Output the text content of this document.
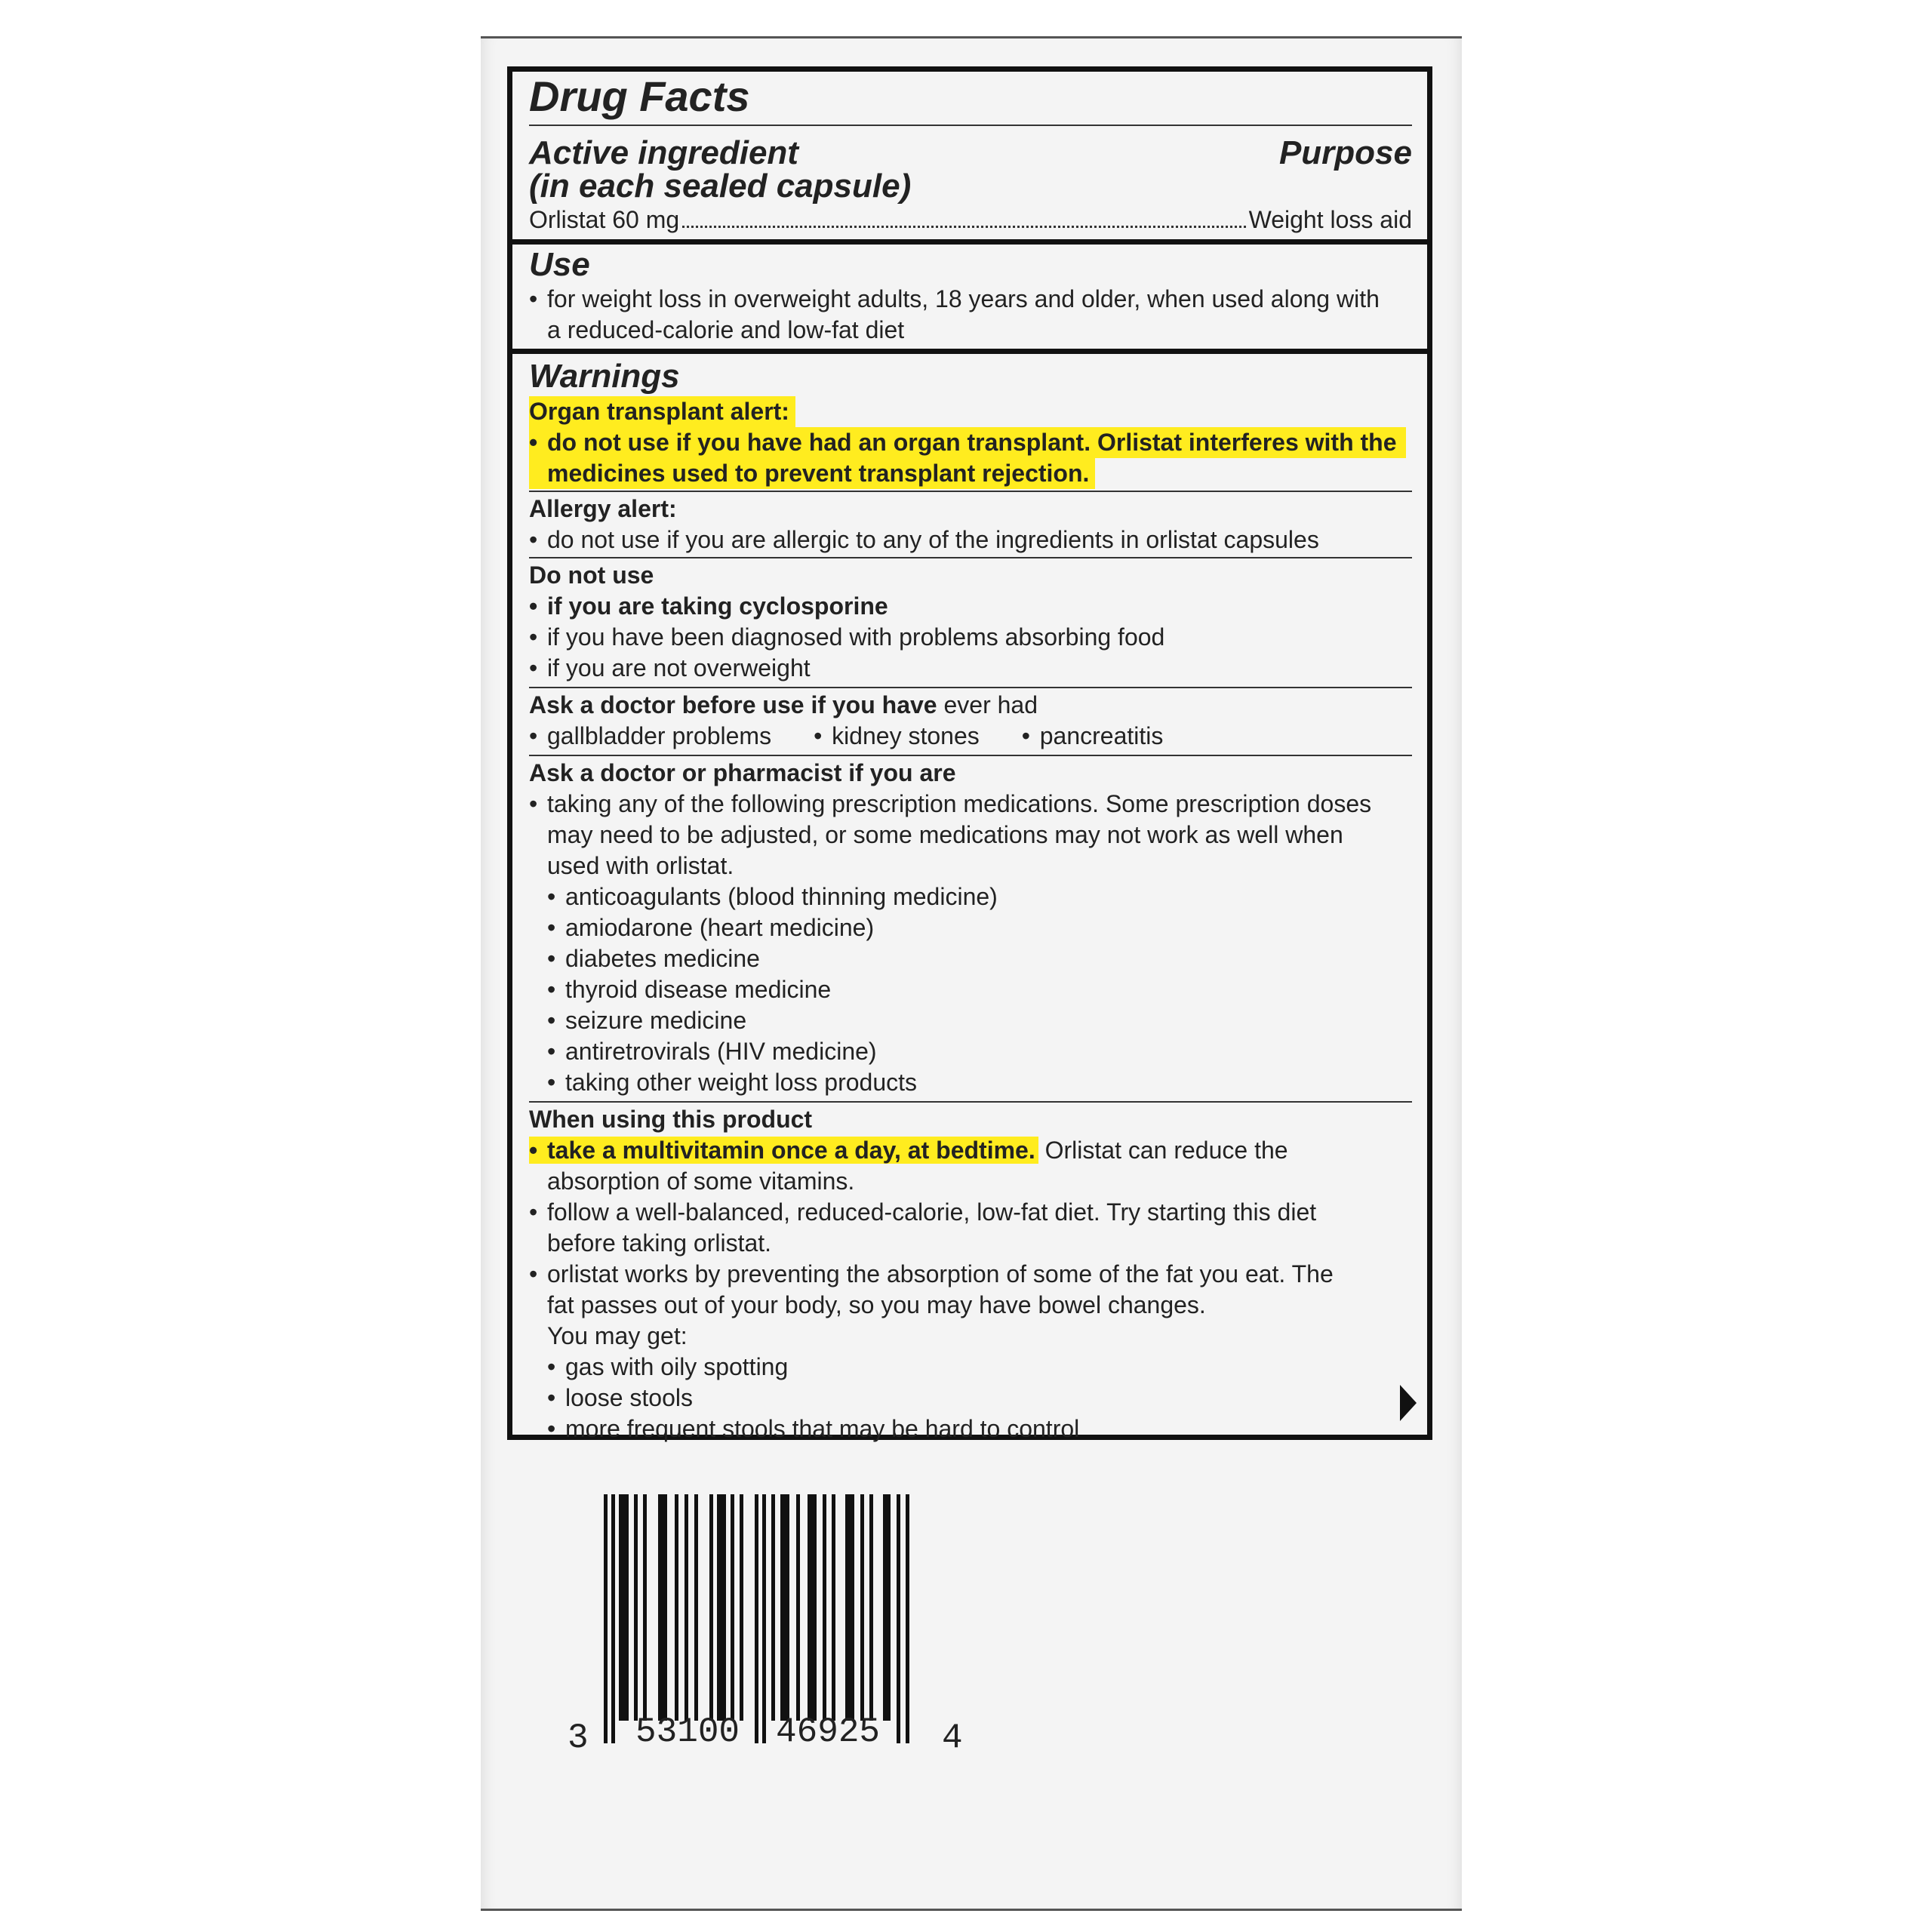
Drug Facts
Active ingredient
(in each sealed capsule)
Purpose
Orlistat 60 mg	Weight loss aid
Use
• for weight loss in overweight adults, 18 years and older, when used along with
a reduced-calorie and low-fat diet
Warnings
Organ transplant alert:
• do not use if you have had an organ transplant. Orlistat interferes with the
medicines used to prevent transplant rejection.
Allergy alert:
• do not use if you are allergic to any of the ingredients in orlistat capsules
Do not use
• if you are taking cyclosporine
• if you have been diagnosed with problems absorbing food
• if you are not overweight
Ask a doctor before use if you have ever had
• gallbladder problems	• kidney stones	• pancreatitis
Ask a doctor or pharmacist if you are
• taking any of the following prescription medications. Some prescription doses
may need to be adjusted, or some medications may not work as well when
used with orlistat.
• anticoagulants (blood thinning medicine)
• amiodarone (heart medicine)
• diabetes medicine
• thyroid disease medicine
• seizure medicine
• antiretrovirals (HIV medicine)
• taking other weight loss products
When using this product
• take a multivitamin once a day, at bedtime. Orlistat can reduce the
absorption of some vitamins.
• follow a well-balanced, reduced-calorie, low-fat diet. Try starting this diet
before taking orlistat.
• orlistat works by preventing the absorption of some of the fat you eat. The
fat passes out of your body, so you may have bowel changes.
You may get:
• gas with oily spotting
• loose stools
• more frequent stools that may be hard to control
3 53100 46925 4
